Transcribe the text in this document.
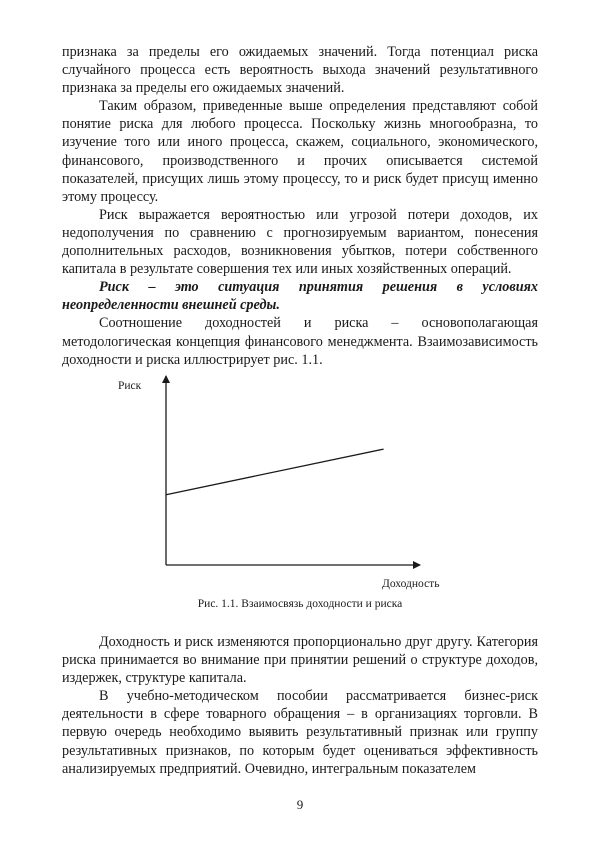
признака за пределы его ожидаемых значений. Тогда потенциал риска случайного процесса есть вероятность выхода значений результативного признака за пределы его ожидаемых значений.

Таким образом, приведенные выше определения представляют собой понятие риска для любого процесса. Поскольку жизнь многообразна, то изучение того или иного процесса, скажем, социального, экономического, финансового, производственного и прочих описывается системой показателей, присущих лишь этому процессу, то и риск будет присущ именно этому процессу.

Риск выражается вероятностью или угрозой потери доходов, их недополучения по сравнению с прогнозируемым вариантом, понесения дополнительных расходов, возникновения убытков, потери собственного капитала в результате совершения тех или иных хозяйственных операций.

Риск – это ситуация принятия решения в условиях неопределенности внешней среды.

Соотношение доходностей и риска – основополагающая методологическая концепция финансового менеджмента. Взаимозависимость доходности и риска иллюстрирует рис. 1.1.

Риск
Доходность
Рис. 1.1. Взаимосвязь доходности и риска

Доходность и риск изменяются пропорционально друг другу. Категория риска принимается во внимание при принятии решений о структуре доходов, издержек, структуре капитала.

В учебно-методическом пособии рассматривается бизнес-риск деятельности в сфере товарного обращения – в организациях торговли. В первую очередь необходимо выявить результативный признак или группу результативных признаков, по которым будет оцениваться эффективность анализируемых предприятий. Очевидно, интегральным показателем

9
